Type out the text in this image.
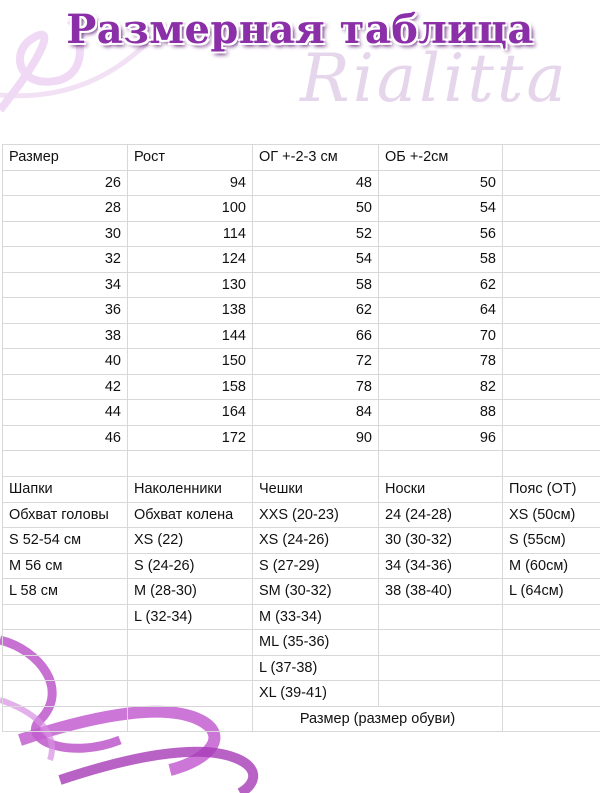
Rialitta
Размерная таблица
Размер	Рост	ОГ +-2-3 см	ОБ +-2см	
26	94	48	50	
28	100	50	54	
30	114	52	56	
32	124	54	58	
34	130	58	62	
36	138	62	64	
38	144	66	70	
40	150	72	78	
42	158	78	82	
44	164	84	88	
46	172	90	96	

Шапки	Наколенники	Чешки	Носки	Пояс (ОТ)
Обхват головы	Обхват колена	XXS (20-23)	24 (24-28)	XS (50см)
S 52-54 см	XS (22)	XS (24-26)	30 (30-32)	S (55см)
M 56 см	S (24-26)	S (27-29)	34 (34-36)	M (60см)
L 58 см	M (28-30)	SM (30-32)	38 (38-40)	L (64см)
	L (32-34)	M (33-34)		
		ML (35-36)		
		L (37-38)		
		XL (39-41)		
		Размер (размер обуви)		
